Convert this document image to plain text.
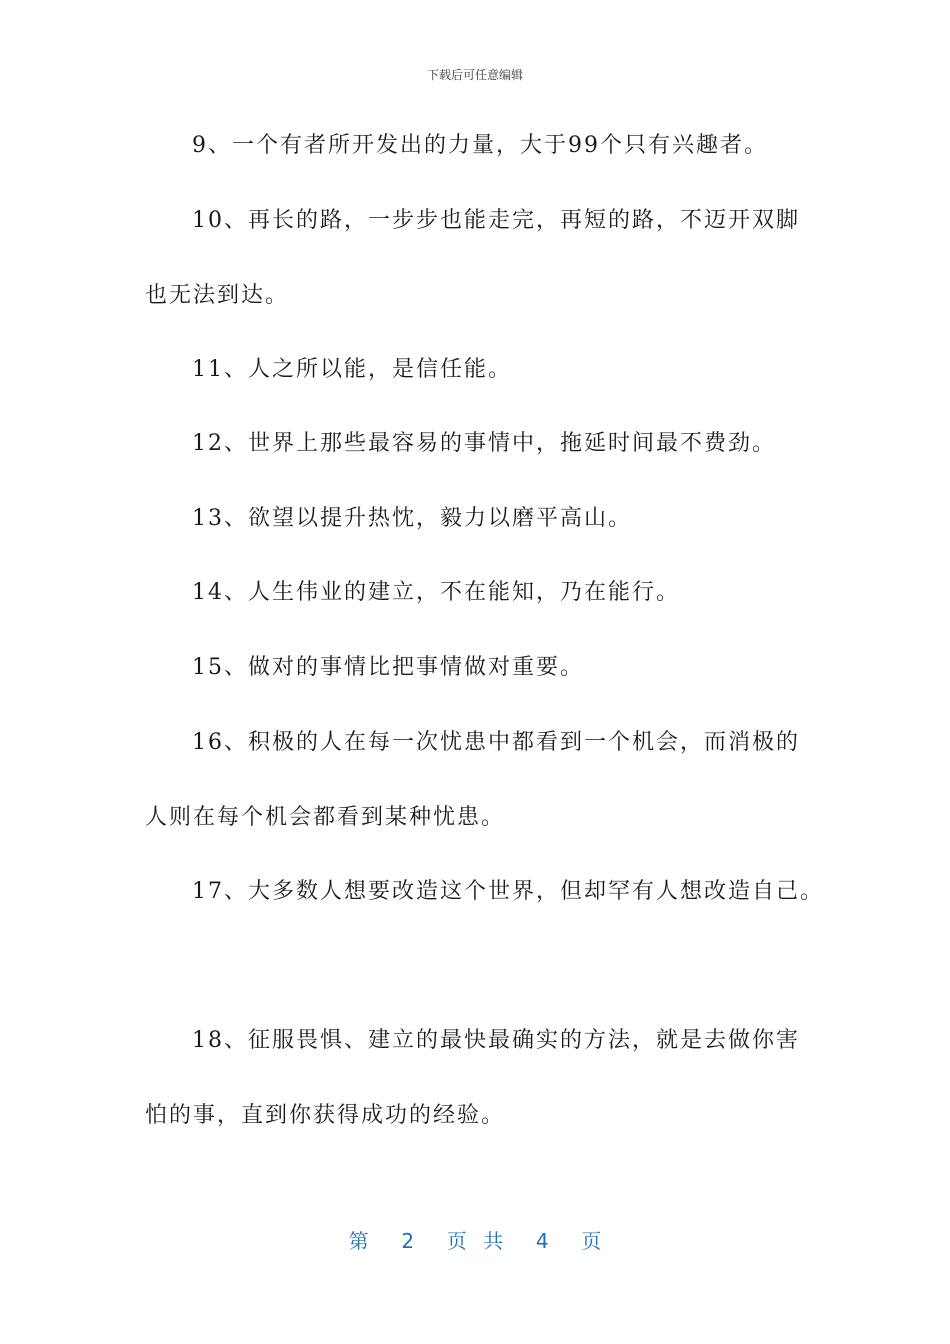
下载后可任意编辑
9、一个有者所开发出的力量，大于99个只有兴趣者。
10、再长的路，一步步也能走完，再短的路，不迈开双脚
也无法到达。
11、人之所以能，是信任能。
12、世界上那些最容易的事情中，拖延时间最不费劲。
13、欲望以提升热忱，毅力以磨平高山。
14、人生伟业的建立，不在能知，乃在能行。
15、做对的事情比把事情做对重要。
16、积极的人在每一次忧患中都看到一个机会，而消极的
人则在每个机会都看到某种忧患。
17、大多数人想要改造这个世界，但却罕有人想改造自己。
18、征服畏惧、建立的最快最确实的方法，就是去做你害
怕的事，直到你获得成功的经验。
第  2  页 共  4  页
